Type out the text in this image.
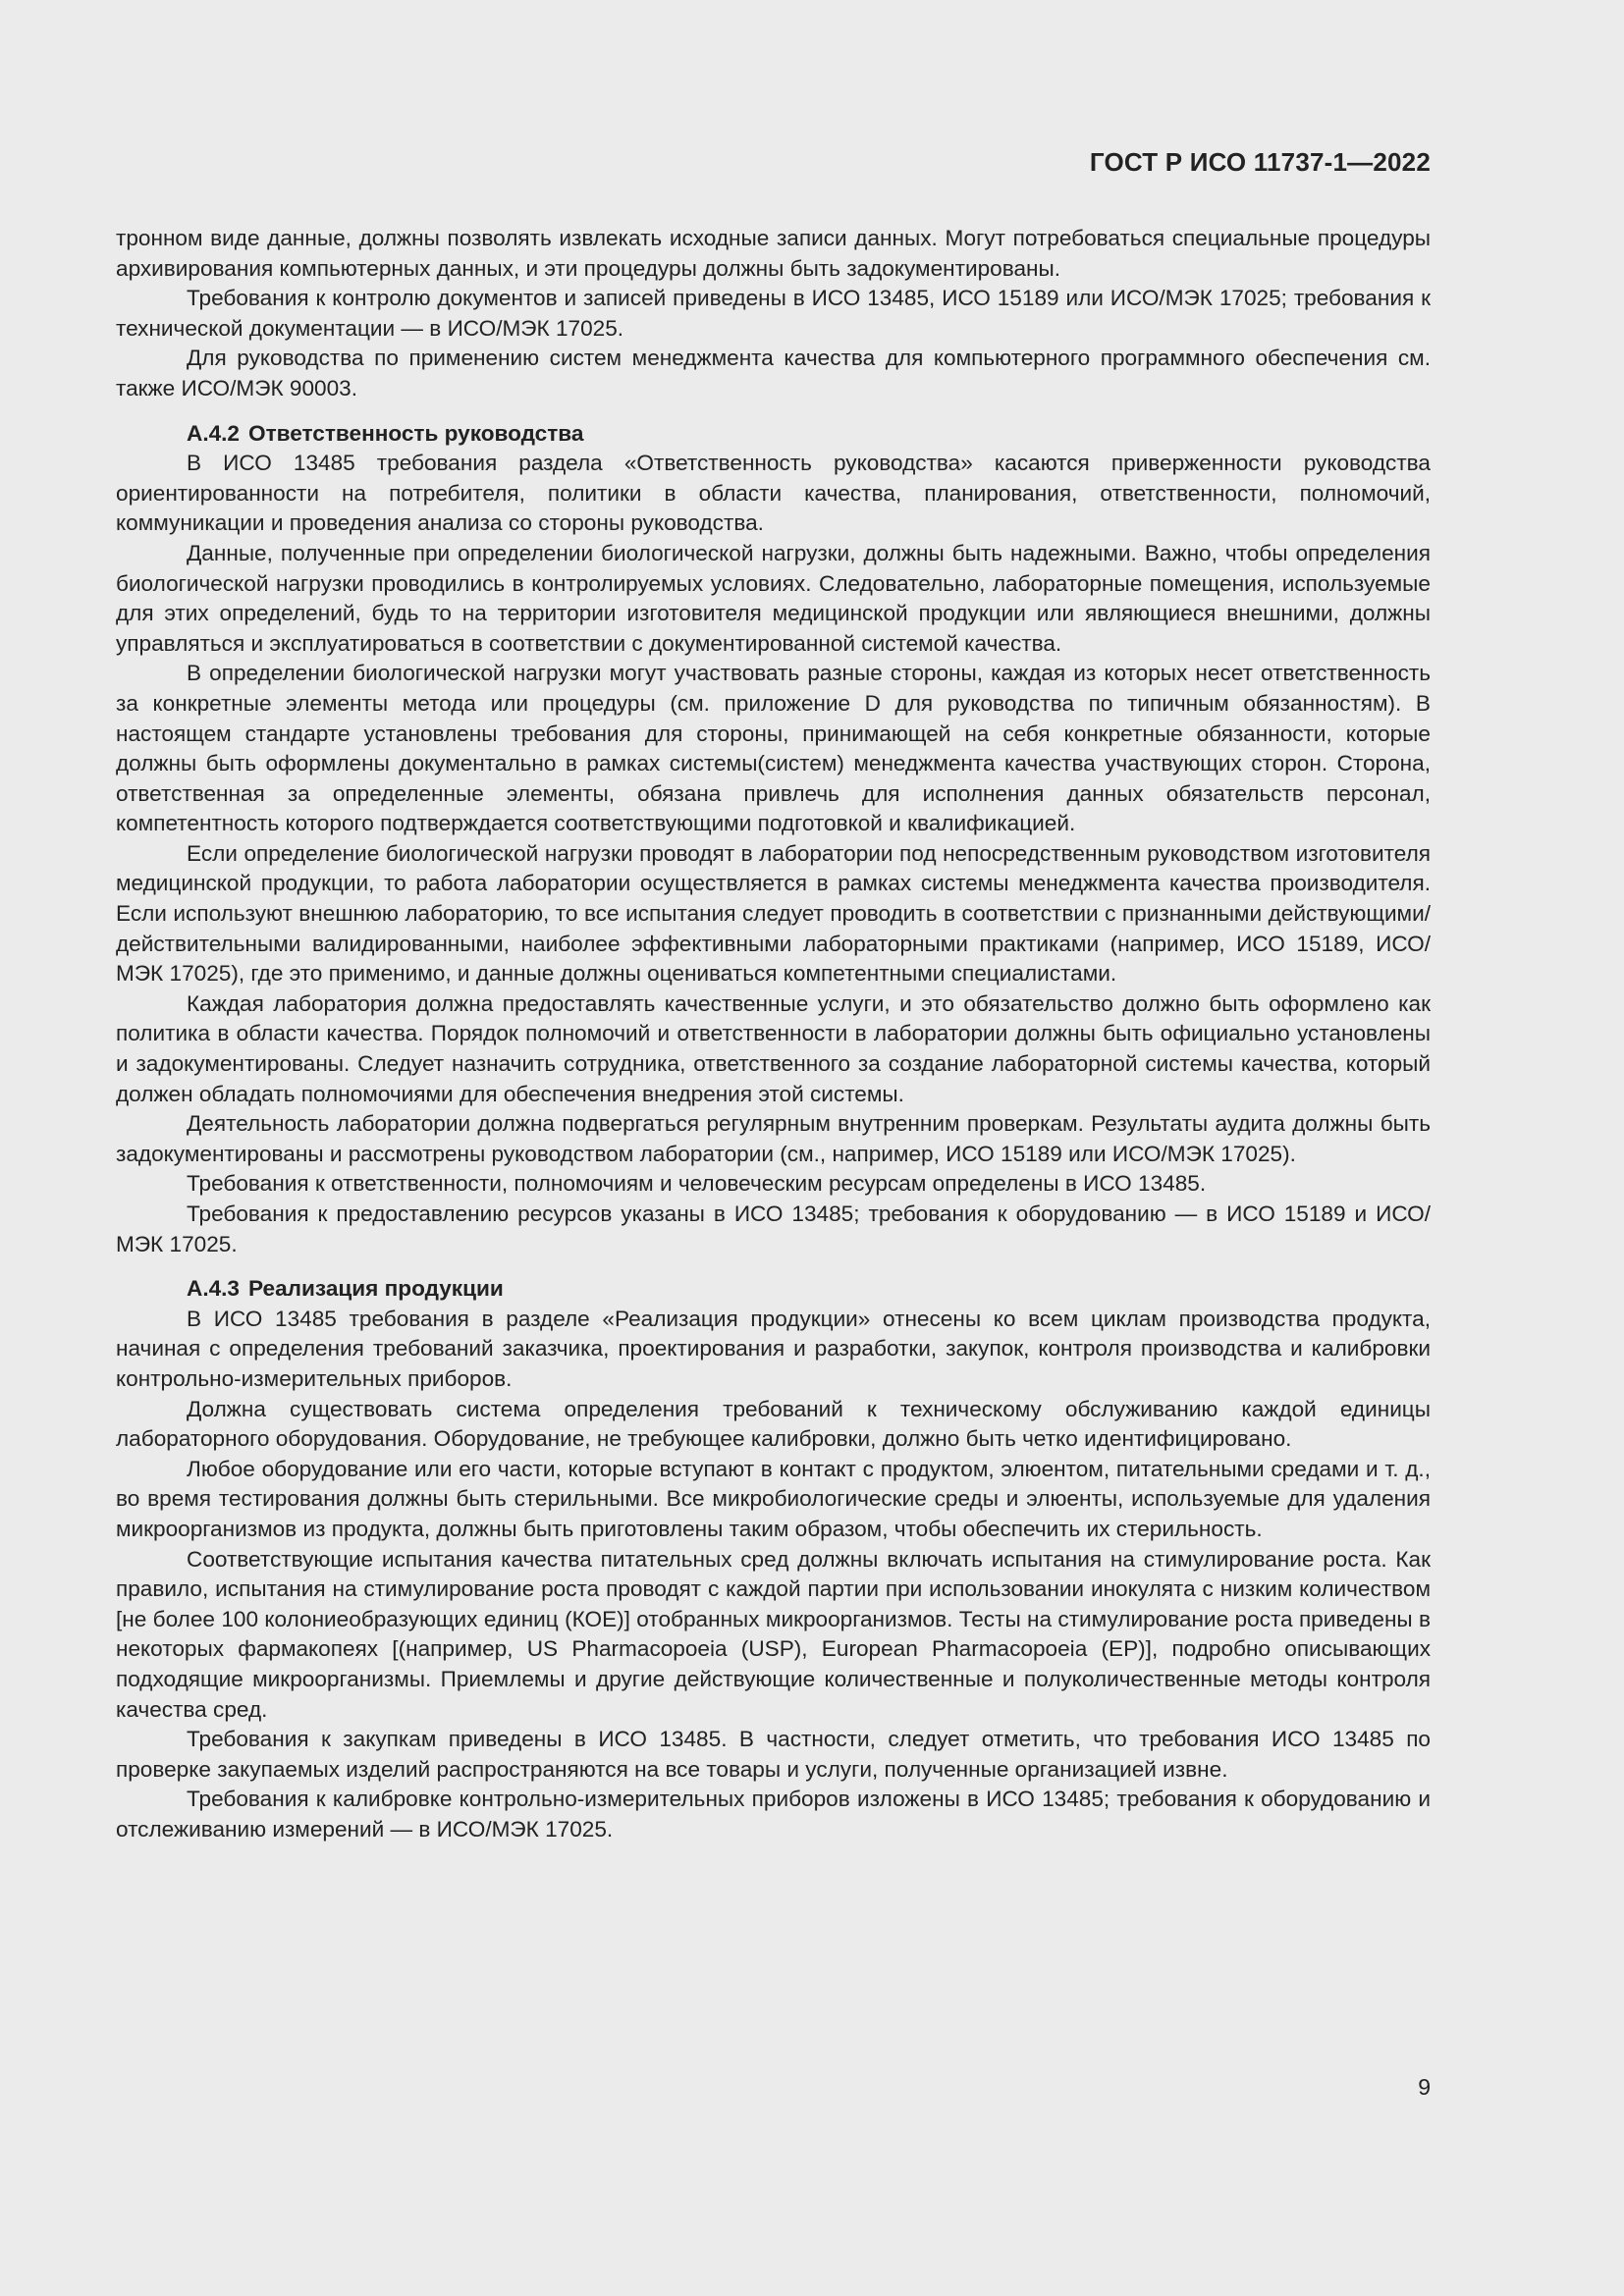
ГОСТ Р ИСО 11737-1—2022

тронном виде данные, должны позволять извлекать исходные записи данных. Могут потребоваться специальные процедуры архивирования компьютерных данных, и эти процедуры должны быть задокументированы.

Требования к контролю документов и записей приведены в ИСО 13485, ИСО 15189 или ИСО/МЭК 17025; требования к технической документации — в ИСО/МЭК 17025.

Для руководства по применению систем менеджмента качества для компьютерного программного обеспечения см. также ИСО/МЭК 90003.

А.4.2 Ответственность руководства

В ИСО 13485 требования раздела «Ответственность руководства» касаются приверженности руководства ориентированности на потребителя, политики в области качества, планирования, ответственности, полномочий, коммуникации и проведения анализа со стороны руководства.

Данные, полученные при определении биологической нагрузки, должны быть надежными. Важно, чтобы определения биологической нагрузки проводились в контролируемых условиях. Следовательно, лабораторные помещения, используемые для этих определений, будь то на территории изготовителя медицинской продукции или являющиеся внешними, должны управляться и эксплуатироваться в соответствии с документированной системой качества.

В определении биологической нагрузки могут участвовать разные стороны, каждая из которых несет ответственность за конкретные элементы метода или процедуры (см. приложение D для руководства по типичным обязанностям). В настоящем стандарте установлены требования для стороны, принимающей на себя конкретные обязанности, которые должны быть оформлены документально в рамках системы(систем) менеджмента качества участвующих сторон. Сторона, ответственная за определенные элементы, обязана привлечь для исполнения данных обязательств персонал, компетентность которого подтверждается соответствующими подготовкой и квалификацией.

Если определение биологической нагрузки проводят в лаборатории под непосредственным руководством изготовителя медицинской продукции, то работа лаборатории осуществляется в рамках системы менеджмента качества производителя. Если используют внешнюю лабораторию, то все испытания следует проводить в соответствии с признанными действующими/действительными валидированными, наиболее эффективными лабораторными практиками (например, ИСО 15189, ИСО/МЭК 17025), где это применимо, и данные должны оцениваться компетентными специалистами.

Каждая лаборатория должна предоставлять качественные услуги, и это обязательство должно быть оформлено как политика в области качества. Порядок полномочий и ответственности в лаборатории должны быть официально установлены и задокументированы. Следует назначить сотрудника, ответственного за создание лабораторной системы качества, который должен обладать полномочиями для обеспечения внедрения этой системы.

Деятельность лаборатории должна подвергаться регулярным внутренним проверкам. Результаты аудита должны быть задокументированы и рассмотрены руководством лаборатории (см., например, ИСО 15189 или ИСО/МЭК 17025).

Требования к ответственности, полномочиям и человеческим ресурсам определены в ИСО 13485.

Требования к предоставлению ресурсов указаны в ИСО 13485; требования к оборудованию — в ИСО 15189 и ИСО/МЭК 17025.

А.4.3 Реализация продукции

В ИСО 13485 требования в разделе «Реализация продукции» отнесены ко всем циклам производства продукта, начиная с определения требований заказчика, проектирования и разработки, закупок, контроля производства и калибровки контрольно-измерительных приборов.

Должна существовать система определения требований к техническому обслуживанию каждой единицы лабораторного оборудования. Оборудование, не требующее калибровки, должно быть четко идентифицировано.

Любое оборудование или его части, которые вступают в контакт с продуктом, элюентом, питательными средами и т. д., во время тестирования должны быть стерильными. Все микробиологические среды и элюенты, используемые для удаления микроорганизмов из продукта, должны быть приготовлены таким образом, чтобы обеспечить их стерильность.

Соответствующие испытания качества питательных сред должны включать испытания на стимулирование роста. Как правило, испытания на стимулирование роста проводят с каждой партии при использовании инокулята с низким количеством [не более 100 колониеобразующих единиц (КОЕ)] отобранных микроорганизмов. Тесты на стимулирование роста приведены в некоторых фармакопеях [(например, US Pharmacopoeia (USP), European Pharmacopoeia (EP)], подробно описывающих подходящие микроорганизмы. Приемлемы и другие действующие количественные и полуколичественные методы контроля качества сред.

Требования к закупкам приведены в ИСО 13485. В частности, следует отметить, что требования ИСО 13485 по проверке закупаемых изделий распространяются на все товары и услуги, полученные организацией извне.

Требования к калибровке контрольно-измерительных приборов изложены в ИСО 13485; требования к оборудованию и отслеживанию измерений — в ИСО/МЭК 17025.

9
